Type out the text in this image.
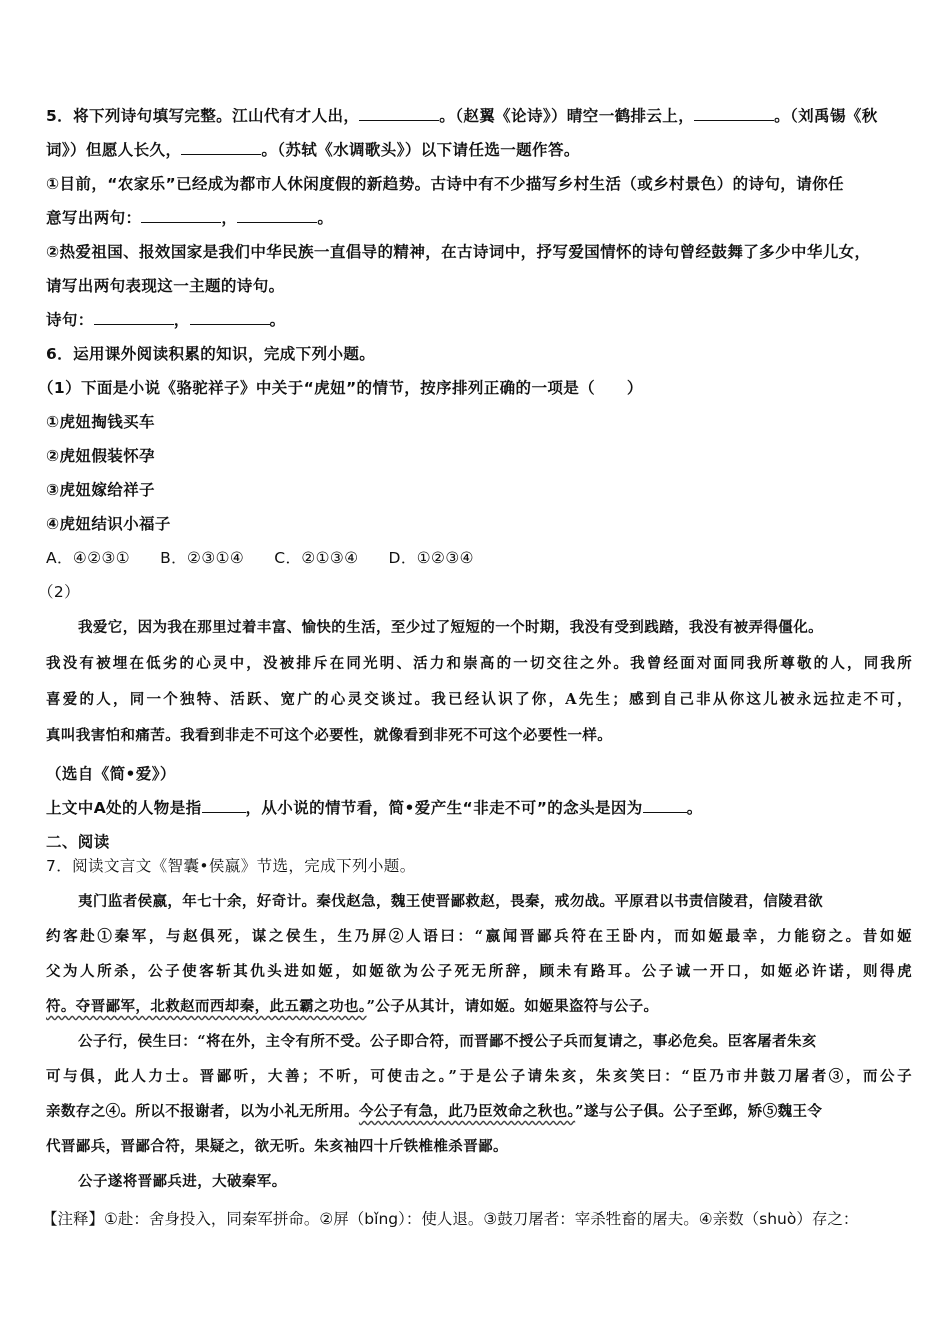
5．将下列诗句填写完整。江山代有才人出，	。（赵翼《论诗》）晴空一鹤排云上，	。（刘禹锡《秋
词》）但愿人长久，	。（苏轼《水调歌头》）以下请任选一题作答。
①目前，“农家乐”已经成为都市人休闲度假的新趋势。古诗中有不少描写乡村生活（或乡村景色）的诗句，请你任
意写出两句：	，	。
②热爱祖国、报效国家是我们中华民族一直倡导的精神，在古诗词中，抒写爱国情怀的诗句曾经鼓舞了多少中华儿女，
请写出两句表现这一主题的诗句。
诗句：	，	。
6．运用课外阅读积累的知识，完成下列小题。
（1）下面是小说《骆驼祥子》中关于“虎妞”的情节，按序排列正确的一项是（　　）
①虎妞掏钱买车
②虎妞假装怀孕
③虎妞嫁给祥子
④虎妞结识小福子
A．④②③① B．②③①④ C．②①③④ D．①②③④
（2）
我爱它，因为我在那里过着丰富、愉快的生活，至少过了短短的一个时期，我没有受到践踏，我没有被弄得僵化。
我没有被埋在低劣的心灵中，没被排斥在同光明、活力和崇高的一切交往之外。我曾经面对面同我所尊敬的人，同我所
喜爱的人，同一个独特、活跃、宽广的心灵交谈过。我已经认识了你，A先生；感到自己非从你这儿被永远拉走不可，
真叫我害怕和痛苦。我看到非走不可这个必要性，就像看到非死不可这个必要性一样。
（选自《简•爱》）
上文中A处的人物是指	，从小说的情节看，简•爱产生“非走不可”的念头是因为	。
二、阅读
7．阅读文言文《智囊•侯嬴》节选，完成下列小题。
夷门监者侯嬴，年七十余，好奇计。秦伐赵急，魏王使晋鄙救赵，畏秦，戒勿战。平原君以书责信陵君，信陵君欲
约客赴①秦军，与赵俱死，谋之侯生，生乃屏②人语曰：“嬴闻晋鄙兵符在王卧内，而如姬最幸，力能窃之。昔如姬
父为人所杀，公子使客斩其仇头进如姬，如姬欲为公子死无所辞，顾未有路耳。公子诚一开口，如姬必许诺，则得虎
符。夺晋鄙军，北救赵而西却秦，此五霸之功也。”公子从其计，请如姬。如姬果盗符与公子。
公子行，侯生曰：“将在外，主令有所不受。公子即合符，而晋鄙不授公子兵而复请之，事必危矣。臣客屠者朱亥
可与俱，此人力士。晋鄙听，大善；不听，可使击之。”于是公子请朱亥，朱亥笑曰：“臣乃市井鼓刀屠者③，而公子
亲数存之④。所以不报谢者，以为小礼无所用。今公子有急，此乃臣效命之秋也。”遂与公子俱。公子至邺，矫⑤魏王令
代晋鄙兵，晋鄙合符，果疑之，欲无听。朱亥袖四十斤铁椎椎杀晋鄙。
公子遂将晋鄙兵进，大破秦军。
【注释】①赴：舍身投入，同秦军拼命。②屏（bǐng）：使人退。③鼓刀屠者：宰杀牲畜的屠夫。④亲数（shuò）存之：
